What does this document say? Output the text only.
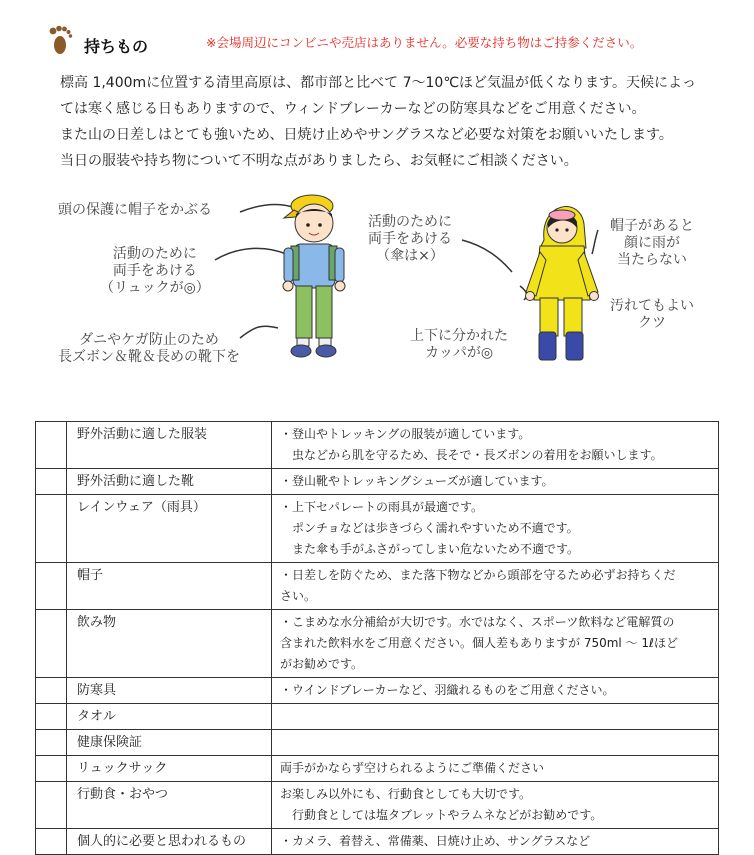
持ちもの	※会場周辺にコンビニや売店はありません。必要な持ち物はご持参ください。

標高 1,400mに位置する清里高原は、都市部と比べて 7～10℃ほど気温が低くなります。天候によっ

ては寒く感じる日もありますので、ウィンドブレーカーなどの防寒具などをご用意ください。

また山の日差しはとても強いため、日焼け止めやサングラスなど必要な対策をお願いいたします。

当日の服装や持ち物について不明な点がありましたら、お気軽にご相談ください。

頭の保護に帽子をかぶる
活動のために
両手をあける
（リュックが◎）
ダニやケガ防止のため
長ズボン＆靴＆長めの靴下を
活動のために
両手をあける
（傘は×）
帽子があると
顔に雨が
当たらない
汚れてもよい
クツ
上下に分かれた
カッパが◎
	野外活動に適した服装	・登山やトレッキングの服装が適しています。
　虫などから肌を守るため、長そで・長ズボンの着用をお願いします。

	野外活動に適した靴	・登山靴やトレッキングシューズが適しています。

	レインウェア（雨具）	・上下セパレートの雨具が最適です。
　ポンチョなどは歩きづらく濡れやすいため不適です。
　また傘も手がふさがってしまい危ないため不適です。

	帽子	・日差しを防ぐため、また落下物などから頭部を守るため必ずお持ちくだ
さい。

	飲み物	・こまめな水分補給が大切です。水ではなく、スポーツ飲料など電解質の
含まれた飲料水をご用意ください。個人差もありますが 750ml ～ 1ℓほど
がお勧めです。

	防寒具	・ウインドブレーカーなど、羽織れるものをご用意ください。

	タオル	
	健康保険証	
	リュックサック	両手がかならず空けられるようにご準備ください

	行動食・おやつ	お楽しみ以外にも、行動食としても大切です。
　行動食としては塩タブレットやラムネなどがお勧めです。

	個人的に必要と思われるもの	・カメラ、着替え、常備薬、日焼け止め、サングラスなど
